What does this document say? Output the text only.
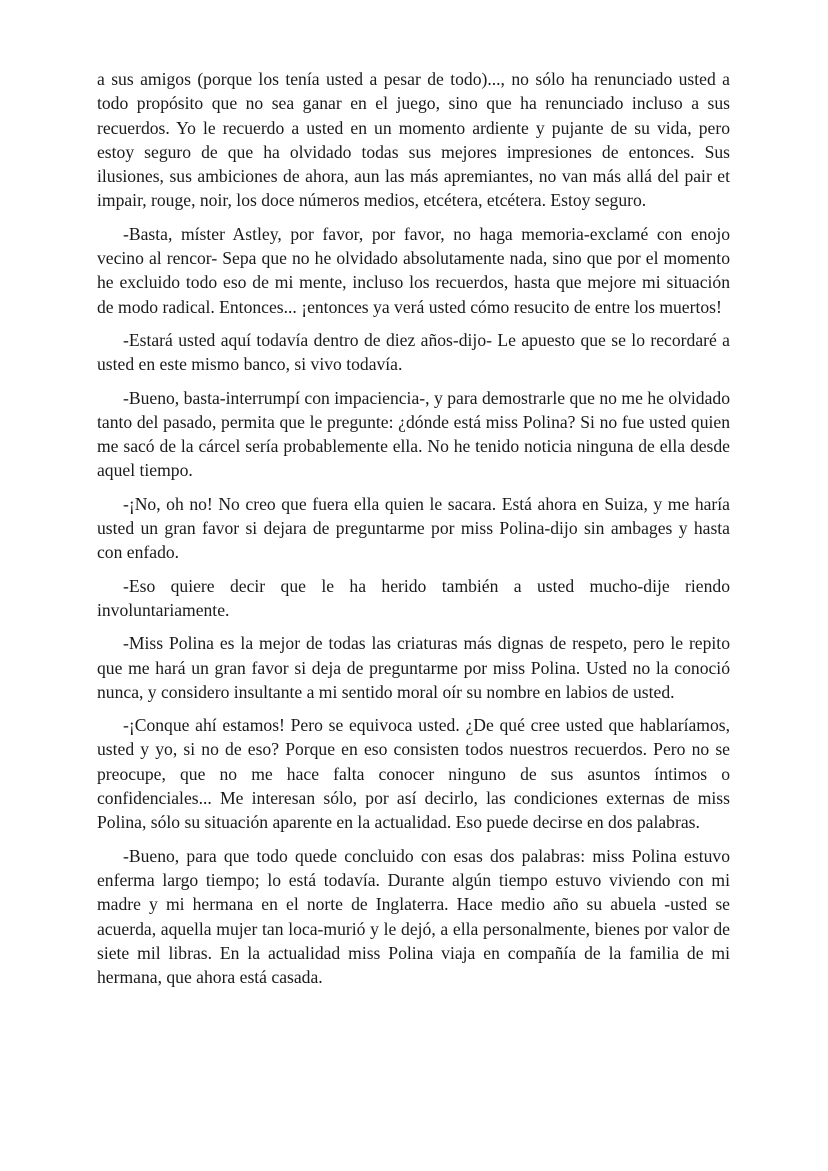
a sus amigos (porque los tenía usted a pesar de todo)..., no sólo ha renunciado usted a todo propósito que no sea ganar en el juego, sino que ha renunciado incluso a sus recuerdos. Yo le recuerdo a usted en un momento ardiente y pujante de su vida, pero estoy seguro de que ha olvidado todas sus mejores impresiones de entonces. Sus ilusiones, sus ambiciones de ahora, aun las más apremiantes, no van más allá del pair et impair, rouge, noir, los doce números medios, etcétera, etcétera. Estoy seguro.

-Basta, míster Astley, por favor, por favor, no haga memoria-exclamé con enojo vecino al rencor- Sepa que no he olvidado absolutamente nada, sino que por el momento he excluido todo eso de mi mente, incluso los recuerdos, hasta que mejore mi situación de modo radical. Entonces... ¡entonces ya verá usted cómo resucito de entre los muertos!

-Estará usted aquí todavía dentro de diez años-dijo- Le apuesto que se lo recordaré a usted en este mismo banco, si vivo todavía.

-Bueno, basta-interrumpí con impaciencia-, y para demostrarle que no me he olvidado tanto del pasado, permita que le pregunte: ¿dónde está miss Polina? Si no fue usted quien me sacó de la cárcel sería probablemente ella. No he tenido noticia ninguna de ella desde aquel tiempo.

-¡No, oh no! No creo que fuera ella quien le sacara. Está ahora en Suiza, y me haría usted un gran favor si dejara de preguntarme por miss Polina-dijo sin ambages y hasta con enfado.

-Eso quiere decir que le ha herido también a usted mucho-dije riendo involuntariamente.

-Miss Polina es la mejor de todas las criaturas más dignas de respeto, pero le repito que me hará un gran favor si deja de preguntarme por miss Polina. Usted no la conoció nunca, y considero insultante a mi sentido moral oír su nombre en labios de usted.

-¡Conque ahí estamos! Pero se equivoca usted. ¿De qué cree usted que hablaríamos, usted y yo, si no de eso? Porque en eso consisten todos nuestros recuerdos. Pero no se preocupe, que no me hace falta conocer ninguno de sus asuntos íntimos o confidenciales... Me interesan sólo, por así decirlo, las condiciones externas de miss Polina, sólo su situación aparente en la actualidad. Eso puede decirse en dos palabras.

-Bueno, para que todo quede concluido con esas dos palabras: miss Polina estuvo enferma largo tiempo; lo está todavía. Durante algún tiempo estuvo viviendo con mi madre y mi hermana en el norte de Inglaterra. Hace medio año su abuela -usted se acuerda, aquella mujer tan loca-murió y le dejó, a ella personalmente, bienes por valor de siete mil libras. En la actualidad miss Polina viaja en compañía de la familia de mi hermana, que ahora está casada.
